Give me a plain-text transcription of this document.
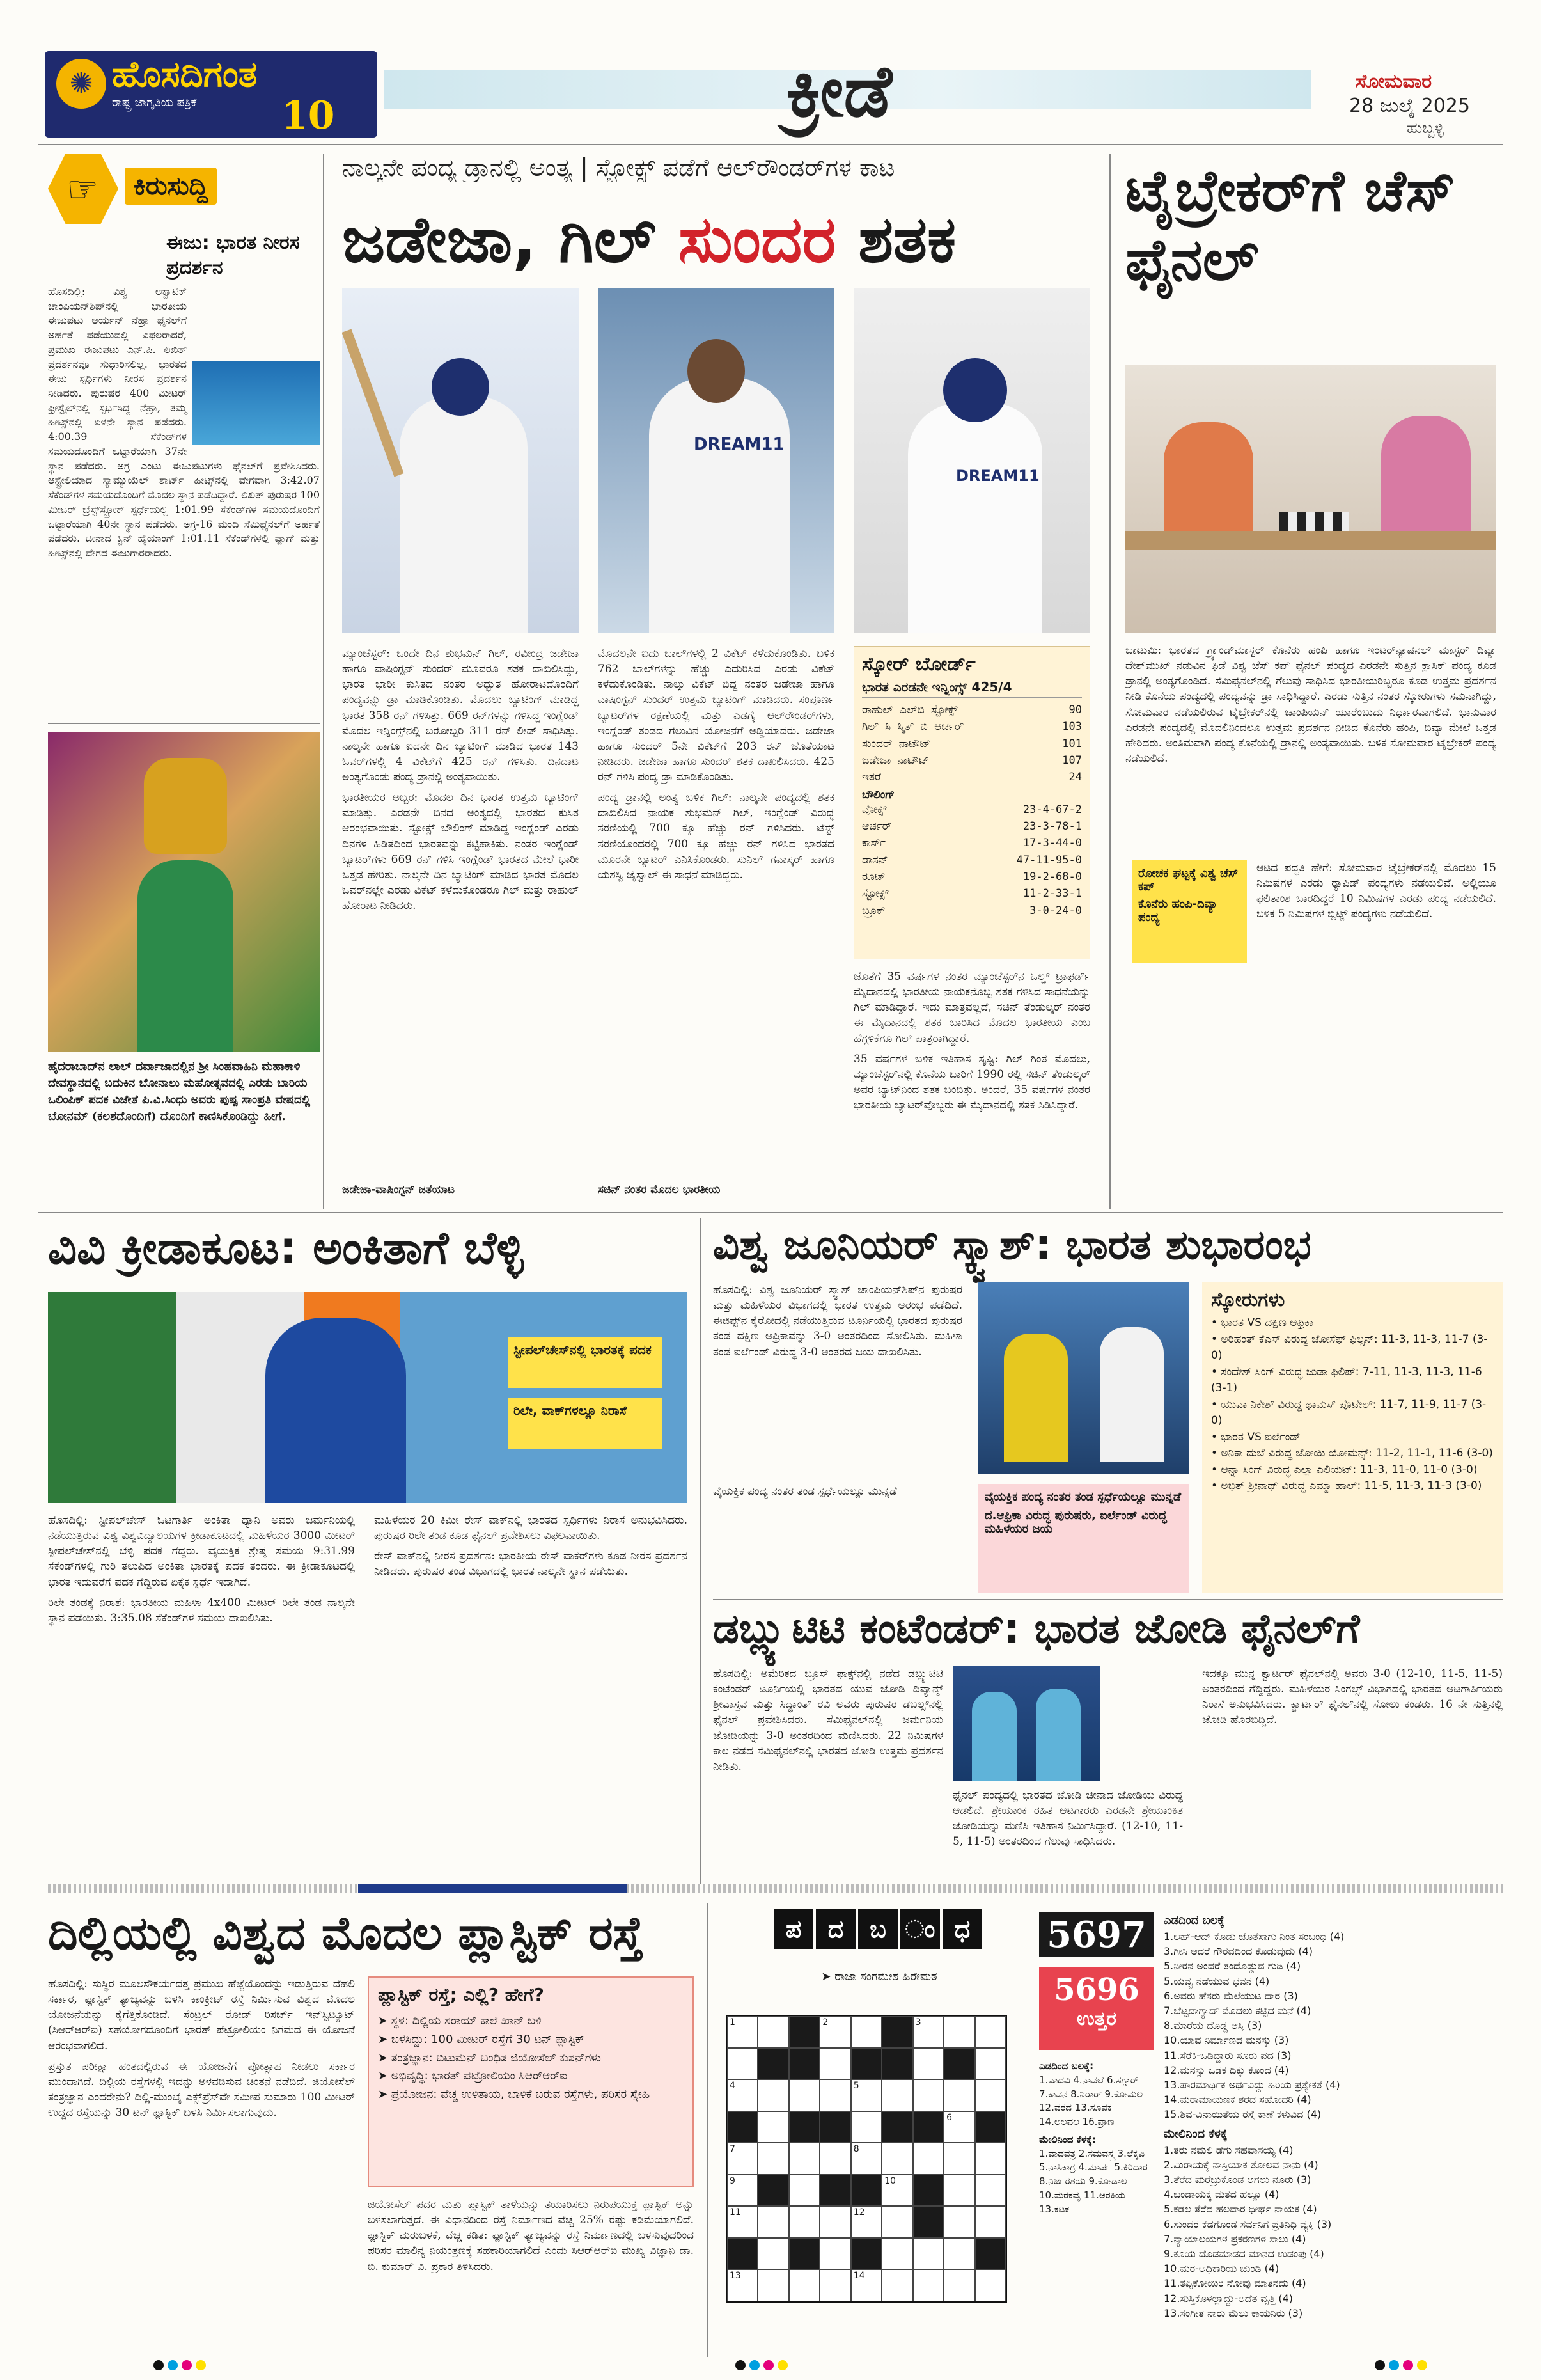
✺ ಹೊಸದಿಗಂತ
ರಾಷ್ಟ್ರ ಜಾಗೃತಿಯ ಪತ್ರಿಕೆ 10	ಕ್ರೀಡೆ	ಸೋಮವಾರ
28 ಜುಲೈ 2025
ಹುಬ್ಬಳ್ಳಿ
☞	ಕಿರುಸುದ್ದಿ
ಈಜು: ಭಾರತ ನೀರಸ ಪ್ರದರ್ಶನ
ಹೊಸದಿಲ್ಲಿ: ವಿಶ್ವ ಅಕ್ವಾಟಿಕ್ ಚಾಂಪಿಯನ್‌ಶಿಪ್‌ನಲ್ಲಿ ಭಾರತೀಯ ಈಜುಪಟು ಆರ್ಯನ್ ನೆಹ್ರಾ ಫೈನಲ್‌ಗೆ ಅರ್ಹತೆ ಪಡೆಯುವಲ್ಲಿ ವಿಫಲರಾದರೆ, ಪ್ರಮುಖ ಈಜುಪಟು ಎನ್.ಪಿ. ಲಿಖಿತ್ ಪ್ರದರ್ಶನವೂ ಸುಧಾರಿಸಲಿಲ್ಲ. ಭಾರತದ ಈಜು ಸ್ಪರ್ಧಿಗಳು ನೀರಸ ಪ್ರದರ್ಶನ ನೀಡಿದರು. ಪುರುಷರ 400 ಮೀಟರ್ ಫ್ರೀಸ್ಟೈಲ್‌ನಲ್ಲಿ ಸ್ಪರ್ಧಿಸಿದ್ದ ನೆಹ್ರಾ, ತಮ್ಮ ಹೀಟ್ಸ್‌ನಲ್ಲಿ ಏಳನೇ ಸ್ಥಾನ ಪಡೆದರು. 4:00.39 ಸೆಕೆಂಡ್‌ಗಳ ಸಮಯದೊಂದಿಗೆ ಒಟ್ಟಾರೆಯಾಗಿ 37ನೇ ಸ್ಥಾನ ಪಡೆದರು. ಅಗ್ರ ಎಂಟು ಈಜುಪಟುಗಳು ಫೈನಲ್‌ಗೆ ಪ್ರವೇಶಿಸಿದರು. ಆಸ್ಟ್ರೇಲಿಯಾದ ಸ್ಯಾಮ್ಯುಯೆಲ್ ಶಾರ್ಟ್ ಹೀಟ್ಸ್‌ನಲ್ಲಿ ವೇಗವಾಗಿ 3:42.07 ಸೆಕೆಂಡ್‌ಗಳ ಸಮಯದೊಂದಿಗೆ ಮೊದಲ ಸ್ಥಾನ ಪಡೆದಿದ್ದಾರೆ. ಲಿಖಿತ್ ಪುರುಷರ 100 ಮೀಟರ್ ಬ್ರೆಸ್ಟ್‌ಸ್ಟ್ರೋಕ್ ಸ್ಪರ್ಧೆಯಲ್ಲಿ 1:01.99 ಸೆಕೆಂಡ್‌ಗಳ ಸಮಯದೊಂದಿಗೆ ಒಟ್ಟಾರೆಯಾಗಿ 40ನೇ ಸ್ಥಾನ ಪಡೆದರು. ಅಗ್ರ-16 ಮಂದಿ ಸೆಮಿಫೈನಲ್‌ಗೆ ಅರ್ಹತೆ ಪಡೆದರು. ಚೀನಾದ ಕ್ವಿನ್ ಹೈಯಾಂಗ್ 1:01.11 ಸೆಕೆಂಡ್‌ಗಳಲ್ಲಿ ಫ್ಲಾಗ್ ಮತ್ತು ಹೀಟ್ಸ್‌ನಲ್ಲಿ ವೇಗದ ಈಜುಗಾರರಾದರು.
ಹೈದರಾಬಾದ್‌ನ ಲಾಲ್ ದರ್ವಾಜಾದಲ್ಲಿನ ಶ್ರೀ ಸಿಂಹವಾಹಿನಿ ಮಹಾಕಾಳಿ ದೇವಸ್ಥಾನದಲ್ಲಿ ಬದುಕಿನ ಬೋನಾಲು ಮಹೋತ್ಸವದಲ್ಲಿ ಎರಡು ಬಾರಿಯ ಒಲಿಂಪಿಕ್ ಪದಕ ವಿಜೇತೆ ಪಿ.ವಿ.ಸಿಂಧು ಅವರು ಪುಷ್ಪ ಸಾಂಪ್ರತಿ ವೇಷದಲ್ಲಿ ಬೋನಮ್ (ಕಲಶದೊಂದಿಗೆ) ದೊಂದಿಗೆ ಕಾಣಿಸಿಕೊಂಡಿದ್ದು ಹೀಗೆ.
ನಾಲ್ಕನೇ ಪಂದ್ಯ ಡ್ರಾನಲ್ಲಿ ಅಂತ್ಯ | ಸ್ಟೋಕ್ಸ್ ಪಡೆಗೆ ಆಲ್‌ರೌಂಡರ್‌ಗಳ ಕಾಟ
ಜಡೇಜಾ, ಗಿಲ್ ಸುಂದರ ಶತಕ
DREAM11
DREAM11

ಮ್ಯಾಂಚೆಸ್ಟರ್: ಒಂದೇ ದಿನ ಶುಭಮನ್ ಗಿಲ್, ರವೀಂದ್ರ ಜಡೇಜಾ ಹಾಗೂ ವಾಷಿಂಗ್ಟನ್ ಸುಂದರ್ ಮೂವರೂ ಶತಕ ದಾಖಲಿಸಿದ್ದು, ಭಾರತ ಭಾರೀ ಕುಸಿತದ ನಂತರ ಅದ್ಭುತ ಹೋರಾಟದೊಂದಿಗೆ ಪಂದ್ಯವನ್ನು ಡ್ರಾ ಮಾಡಿಕೊಂಡಿತು. ಮೊದಲು ಬ್ಯಾಟಿಂಗ್ ಮಾಡಿದ್ದ ಭಾರತ 358 ರನ್ ಗಳಿಸಿತ್ತು. 669 ರನ್‌ಗಳನ್ನು ಗಳಿಸಿದ್ದ ಇಂಗ್ಲೆಂಡ್ ಮೊದಲ ಇನ್ನಿಂಗ್ಸ್‌ನಲ್ಲಿ ಬರೋಬ್ಬರಿ 311 ರನ್ ಲೀಡ್ ಸಾಧಿಸಿತ್ತು. ನಾಲ್ಕನೇ ಹಾಗೂ ಐದನೇ ದಿನ ಬ್ಯಾಟಿಂಗ್ ಮಾಡಿದ ಭಾರತ 143 ಓವರ್‌ಗಳಲ್ಲಿ 4 ವಿಕೆಟ್‌ಗೆ 425 ರನ್ ಗಳಿಸಿತು. ದಿನದಾಟ ಅಂತ್ಯಗೊಂಡು ಪಂದ್ಯ ಡ್ರಾನಲ್ಲಿ ಅಂತ್ಯವಾಯಿತು.

ಭಾರತೀಯರ ಅಬ್ಬರ: ಮೊದಲ ದಿನ ಭಾರತ ಉತ್ತಮ ಬ್ಯಾಟಿಂಗ್ ಮಾಡಿತ್ತು. ಎರಡನೇ ದಿನದ ಅಂತ್ಯದಲ್ಲಿ ಭಾರತದ ಕುಸಿತ ಆರಂಭವಾಯಿತು. ಸ್ಟೋಕ್ಸ್ ಬೌಲಿಂಗ್ ಮಾಡಿದ್ದ ಇಂಗ್ಲೆಂಡ್ ಎರಡು ದಿನಗಳ ಹಿಡಿತದಿಂದ ಭಾರತವನ್ನು ಕಟ್ಟಿಹಾಕಿತು. ನಂತರ ಇಂಗ್ಲೆಂಡ್ ಬ್ಯಾಟರ್‌ಗಳು 669 ರನ್ ಗಳಿಸಿ ಇಂಗ್ಲೆಂಡ್ ಭಾರತದ ಮೇಲೆ ಭಾರೀ ಒತ್ತಡ ಹೇರಿತು. ನಾಲ್ಕನೇ ದಿನ ಬ್ಯಾಟಿಂಗ್ ಮಾಡಿದ ಭಾರತ ಮೊದಲ ಓವರ್‌ನಲ್ಲೇ ಎರಡು ವಿಕೆಟ್ ಕಳೆದುಕೊಂಡರೂ ಗಿಲ್ ಮತ್ತು ರಾಹುಲ್ ಹೋರಾಟ ನೀಡಿದರು.

ಜಡೇಜಾ-ವಾಷಿಂಗ್ಟನ್ ಜತೆಯಾಟ

ಮೊದಲನೇ ಐದು ಬಾಲ್‌ಗಳಲ್ಲಿ 2 ವಿಕೆಟ್ ಕಳೆದುಕೊಂಡಿತು. ಬಳಿಕ 762 ಬಾಲ್‌ಗಳನ್ನು ಹೆಚ್ಚು ಎದುರಿಸಿದ ಎರಡು ವಿಕೆಟ್ ಕಳೆದುಕೊಂಡಿತು. ನಾಲ್ಕು ವಿಕೆಟ್ ಬಿದ್ದ ನಂತರ ಜಡೇಜಾ ಹಾಗೂ ವಾಷಿಂಗ್ಟನ್ ಸುಂದರ್ ಉತ್ತಮ ಬ್ಯಾಟಿಂಗ್ ಮಾಡಿದರು. ಸಂಪೂರ್ಣ ಬ್ಯಾಟರ್‌ಗಳ ರಕ್ಷಣೆಯಲ್ಲಿ ಮತ್ತು ಎಡಗೈ ಆಲ್‌ರೌಂಡರ್‌ಗಳು, ಇಂಗ್ಲೆಂಡ್ ತಂಡದ ಗೆಲುವಿನ ಯೋಜನೆಗೆ ಅಡ್ಡಿಯಾದರು. ಜಡೇಜಾ ಹಾಗೂ ಸುಂದರ್ 5ನೇ ವಿಕೆಟ್‌ಗೆ 203 ರನ್ ಜೊತೆಯಾಟ ನೀಡಿದರು. ಜಡೇಜಾ ಹಾಗೂ ಸುಂದರ್ ಶತಕ ದಾಖಲಿಸಿದರು. 425 ರನ್ ಗಳಿಸಿ ಪಂದ್ಯ ಡ್ರಾ ಮಾಡಿಕೊಂಡಿತು.

ಪಂದ್ಯ ಡ್ರಾನಲ್ಲಿ ಅಂತ್ಯ ಬಳಿಕ ಗಿಲ್: ನಾಲ್ಕನೇ ಪಂದ್ಯದಲ್ಲಿ ಶತಕ ದಾಖಲಿಸಿದ ನಾಯಕ ಶುಭಮನ್ ಗಿಲ್, ಇಂಗ್ಲೆಂಡ್ ವಿರುದ್ಧ ಸರಣಿಯಲ್ಲಿ 700 ಕ್ಕೂ ಹೆಚ್ಚು ರನ್ ಗಳಿಸಿದರು. ಟೆಸ್ಟ್ ಸರಣಿಯೊಂದರಲ್ಲಿ 700 ಕ್ಕೂ ಹೆಚ್ಚು ರನ್ ಗಳಿಸಿದ ಭಾರತದ ಮೂರನೇ ಬ್ಯಾಟರ್ ಎನಿಸಿಕೊಂಡರು. ಸುನಿಲ್ ಗವಾಸ್ಕರ್ ಹಾಗೂ ಯಶಸ್ವಿ ಜೈಸ್ವಾಲ್ ಈ ಸಾಧನೆ ಮಾಡಿದ್ದರು.

ಸಚಿನ್ ನಂತರ ಮೊದಲ ಭಾರತೀಯ
ಸ್ಕೋರ್ ಬೋರ್ಡ್
ಭಾರತ ಎರಡನೇ ಇನ್ನಿಂಗ್ಸ್ 425/4
ರಾಹುಲ್ ಎಲ್‌ಬಿ ಸ್ಟೋಕ್ಸ್	90
ಗಿಲ್ ಸಿ ಸ್ಮಿತ್ ಬಿ ಆರ್ಚರ್	103
ಸುಂದರ್ ನಾಟೌಟ್	101
ಜಡೇಜಾ ನಾಟೌಟ್	107
ಇತರೆ	24
ಬೌಲಿಂಗ್
ವೋಕ್ಸ್	23-4-67-2
ಆರ್ಚರ್	23-3-78-1
ಕಾರ್ಸ್	17-3-44-0
ಡಾಸನ್	47-11-95-0
ರೂಟ್	19-2-68-0
ಸ್ಟೋಕ್ಸ್	11-2-33-1
ಬ್ರೂಕ್	3-0-24-0

ಜೊತೆಗೆ 35 ವರ್ಷಗಳ ನಂತರ ಮ್ಯಾಂಚೆಸ್ಟರ್‌ನ ಓಲ್ಡ್ ಟ್ರಾಫರ್ಡ್ ಮೈದಾನದಲ್ಲಿ ಭಾರತೀಯ ನಾಯಕನೊಬ್ಬ ಶತಕ ಗಳಿಸಿದ ಸಾಧನೆಯನ್ನು ಗಿಲ್ ಮಾಡಿದ್ದಾರೆ. ಇದು ಮಾತ್ರವಲ್ಲದೆ, ಸಚಿನ್ ತೆಂಡುಲ್ಕರ್ ನಂತರ ಈ ಮೈದಾನದಲ್ಲಿ ಶತಕ ಬಾರಿಸಿದ ಮೊದಲ ಭಾರತೀಯ ಎಂಬ ಹೆಗ್ಗಳಿಕೆಗೂ ಗಿಲ್ ಪಾತ್ರರಾಗಿದ್ದಾರೆ.

35 ವರ್ಷಗಳ ಬಳಿಕ ಇತಿಹಾಸ ಸೃಷ್ಟಿ: ಗಿಲ್ ಗಿಂತ ಮೊದಲು, ಮ್ಯಾಂಚೆಸ್ಟರ್‌ನಲ್ಲಿ ಕೊನೆಯ ಬಾರಿಗೆ 1990 ರಲ್ಲಿ ಸಚಿನ್ ತೆಂಡುಲ್ಕರ್ ಅವರ ಬ್ಯಾಟ್‌ನಿಂದ ಶತಕ ಬಂದಿತ್ತು. ಅಂದರೆ, 35 ವರ್ಷಗಳ ನಂತರ ಭಾರತೀಯ ಬ್ಯಾಟರ್‌ವೊಬ್ಬರು ಈ ಮೈದಾನದಲ್ಲಿ ಶತಕ ಸಿಡಿಸಿದ್ದಾರೆ.

ಟೈಬ್ರೇಕರ್‌ಗೆ ಚೆಸ್ ಫೈನಲ್
ಬಾಟುಮಿ: ಭಾರತದ ಗ್ರ್ಯಾಂಡ್‌ಮಾಸ್ಟರ್ ಕೊನೆರು ಹಂಪಿ ಹಾಗೂ ಇಂಟರ್‌ನ್ಯಾಷನಲ್ ಮಾಸ್ಟರ್ ದಿವ್ಯಾ ದೇಶ್‌ಮುಖ್ ನಡುವಿನ ಫಿಡೆ ವಿಶ್ವ ಚೆಸ್ ಕಪ್ ಫೈನಲ್ ಪಂದ್ಯದ ಎರಡನೇ ಸುತ್ತಿನ ಕ್ಲಾಸಿಕ್ ಪಂದ್ಯ ಕೂಡ ಡ್ರಾನಲ್ಲಿ ಅಂತ್ಯಗೊಂಡಿದೆ. ಸೆಮಿಫೈನಲ್‌ನಲ್ಲಿ ಗೆಲುವು ಸಾಧಿಸಿದ ಭಾರತೀಯರಿಬ್ಬರೂ ಕೂಡ ಉತ್ತಮ ಪ್ರದರ್ಶನ ನೀಡಿ ಕೊನೆಯ ಪಂದ್ಯದಲ್ಲಿ ಪಂದ್ಯವನ್ನು ಡ್ರಾ ಸಾಧಿಸಿದ್ದಾರೆ. ಎರಡು ಸುತ್ತಿನ ನಂತರ ಸ್ಕೋರುಗಳು ಸಮನಾಗಿದ್ದು, ಸೋಮವಾರ ನಡೆಯಲಿರುವ ಟೈಬ್ರೇಕರ್‌ನಲ್ಲಿ ಚಾಂಪಿಯನ್ ಯಾರೆಂಬುದು ನಿರ್ಧಾರವಾಗಲಿದೆ. ಭಾನುವಾರ ಎರಡನೇ ಪಂದ್ಯದಲ್ಲಿ ಮೊದಲಿನಿಂದಲೂ ಉತ್ತಮ ಪ್ರದರ್ಶನ ನೀಡಿದ ಕೊನೆರು ಹಂಪಿ, ದಿವ್ಯಾ ಮೇಲೆ ಒತ್ತಡ ಹೇರಿದರು. ಅಂತಿಮವಾಗಿ ಪಂದ್ಯ ಕೊನೆಯಲ್ಲಿ ಡ್ರಾನಲ್ಲಿ ಅಂತ್ಯವಾಯಿತು. ಬಳಿಕ ಸೋಮವಾರ ಟೈಬ್ರೇಕರ್ ಪಂದ್ಯ ನಡೆಯಲಿದೆ.
ರೋಚಕ ಘಟ್ಟಕ್ಕೆ ವಿಶ್ವ ಚೆಸ್ ಕಪ್
ಕೊನೆರು ಹಂಪಿ-ದಿವ್ಯಾ ಪಂದ್ಯ
ಆಟದ ಪದ್ಧತಿ ಹೇಗೆ: ಸೋಮವಾರ ಟೈಬ್ರೇಕರ್‌ನಲ್ಲಿ ಮೊದಲು 15 ನಿಮಿಷಗಳ ಎರಡು ರ‍್ಯಾಪಿಡ್ ಪಂದ್ಯಗಳು ನಡೆಯಲಿವೆ. ಅಲ್ಲಿಯೂ ಫಲಿತಾಂಶ ಬಾರದಿದ್ದರೆ 10 ನಿಮಿಷಗಳ ಎರಡು ಪಂದ್ಯ ನಡೆಯಲಿದೆ. ಬಳಿಕ 5 ನಿಮಿಷಗಳ ಬ್ಲಿಟ್ಜ್ ಪಂದ್ಯಗಳು ನಡೆಯಲಿದೆ.
ವಿವಿ ಕ್ರೀಡಾಕೂಟ: ಅಂಕಿತಾಗೆ ಬೆಳ್ಳಿ
ಸ್ಟೀಪಲ್‌ಚೇಸ್‌ನಲ್ಲಿ ಭಾರತಕ್ಕೆ ಪದಕ
ರಿಲೇ, ವಾಕ್‌ಗಳಲ್ಲೂ ನಿರಾಸೆ

ಹೊಸದಿಲ್ಲಿ: ಸ್ಟೀಪಲ್‌ಚೇಸ್ ಓಟಗಾರ್ತಿ ಅಂಕಿತಾ ಧ್ಯಾನಿ ಅವರು ಜರ್ಮನಿಯಲ್ಲಿ ನಡೆಯುತ್ತಿರುವ ವಿಶ್ವ ವಿಶ್ವವಿದ್ಯಾಲಯಗಳ ಕ್ರೀಡಾಕೂಟದಲ್ಲಿ ಮಹಿಳೆಯರ 3000 ಮೀಟರ್ ಸ್ಟೀಪಲ್‌ಚೇಸ್‌ನಲ್ಲಿ ಬೆಳ್ಳಿ ಪದಕ ಗೆದ್ದರು. ವೈಯಕ್ತಿಕ ಶ್ರೇಷ್ಠ ಸಮಯ 9:31.99 ಸೆಕೆಂಡ್‌ಗಳಲ್ಲಿ ಗುರಿ ತಲುಪಿದ ಅಂಕಿತಾ ಭಾರತಕ್ಕೆ ಪದಕ ತಂದರು. ಈ ಕ್ರೀಡಾಕೂಟದಲ್ಲಿ ಭಾರತ ಇದುವರೆಗೆ ಪದಕ ಗೆದ್ದಿರುವ ಏಕೈಕ ಸ್ಪರ್ಧೆ ಇದಾಗಿದೆ.

ರಿಲೇ ತಂಡಕ್ಕೆ ನಿರಾಶೆ: ಭಾರತೀಯ ಮಹಿಳಾ 4x400 ಮೀಟರ್ ರಿಲೇ ತಂಡ ನಾಲ್ಕನೇ ಸ್ಥಾನ ಪಡೆಯಿತು. 3:35.08 ಸೆಕೆಂಡ್‌ಗಳ ಸಮಯ ದಾಖಲಿಸಿತು.

ಮಹಿಳೆಯರ 20 ಕಿಮೀ ರೇಸ್ ವಾಕ್‌ನಲ್ಲಿ ಭಾರತದ ಸ್ಪರ್ಧಿಗಳು ನಿರಾಸೆ ಅನುಭವಿಸಿದರು. ಪುರುಷರ ರಿಲೇ ತಂಡ ಕೂಡ ಫೈನಲ್ ಪ್ರವೇಶಿಸಲು ವಿಫಲವಾಯಿತು.

ರೇಸ್ ವಾಕ್‌ನಲ್ಲಿ ನೀರಸ ಪ್ರದರ್ಶನ: ಭಾರತೀಯ ರೇಸ್ ವಾಕರ್‌ಗಳು ಕೂಡ ನೀರಸ ಪ್ರದರ್ಶನ ನೀಡಿದರು. ಪುರುಷರ ತಂಡ ವಿಭಾಗದಲ್ಲಿ ಭಾರತ ನಾಲ್ಕನೇ ಸ್ಥಾನ ಪಡೆಯಿತು.

ವಿಶ್ವ ಜೂನಿಯರ್ ಸ್ಕ್ವಾಶ್: ಭಾರತ ಶುಭಾರಂಭ
ಹೊಸದಿಲ್ಲಿ: ವಿಶ್ವ ಜೂನಿಯರ್ ಸ್ಕ್ವಾಶ್ ಚಾಂಪಿಯನ್‌ಶಿಪ್‌ನ ಪುರುಷರ ಮತ್ತು ಮಹಿಳೆಯರ ವಿಭಾಗದಲ್ಲಿ ಭಾರತ ಉತ್ತಮ ಆರಂಭ ಪಡೆದಿದೆ. ಈಜಿಪ್ಟ್‌ನ ಕೈರೋದಲ್ಲಿ ನಡೆಯುತ್ತಿರುವ ಟೂರ್ನಿಯಲ್ಲಿ ಭಾರತದ ಪುರುಷರ ತಂಡ ದಕ್ಷಿಣ ಆಫ್ರಿಕಾವನ್ನು 3-0 ಅಂತರದಿಂದ ಸೋಲಿಸಿತು. ಮಹಿಳಾ ತಂಡ ಐರ್ಲೆಂಡ್ ವಿರುದ್ಧ 3-0 ಅಂತರದ ಜಯ ದಾಖಲಿಸಿತು.
ವೈಯಕ್ತಿಕ ಪಂದ್ಯ ನಂತರ ತಂಡ ಸ್ಪರ್ಧೆಯಲ್ಲೂ ಮುನ್ನಡೆ
ದ.ಆಫ್ರಿಕಾ ವಿರುದ್ಧ ಪುರುಷರು, ಐರ್ಲೆಂಡ್ ವಿರುದ್ಧ ಮಹಿಳೆಯರ ಜಯ
ವೈಯಕ್ತಿಕ ಪಂದ್ಯ ನಂತರ ತಂಡ ಸ್ಪರ್ಧೆಯಲ್ಲೂ ಮುನ್ನಡೆ
ಸ್ಕೋರುಗಳು
• ಭಾರತ VS ದಕ್ಷಿಣ ಆಫ್ರಿಕಾ
• ಅರಿಹಂತ್ ಕೆಎಸ್ ವಿರುದ್ಧ ಜೋಸೆಫ್ ಫಿಲ್ಸನ್: 11-3, 11-3, 11-7 (3-0)
• ಸಂದೇಶ್ ಸಿಂಗ್ ವಿರುದ್ಧ ಜುಡಾ ಫಿಲಿಪ್: 7-11, 11-3, 11-3, 11-6 (3-1)
• ಯುವಾ ನಿಕೇಶ್ ವಿರುದ್ಧ ಥಾಮಸ್ ಪೊಟೇಲ್: 11-7, 11-9, 11-7 (3-0)
• ಭಾರತ VS ಐರ್ಲೆಂಡ್
• ಅನಿಕಾ ದುಬೆ ವಿರುದ್ಧ ಜೋಯಿ ಯೋಮನ್ಸ್: 11-2, 11-1, 11-6 (3-0)
• ಆನ್ನಾ ಸಿಂಗ್ ವಿರುದ್ಧ ಎಲ್ಲಾ ಎಲಿಯಟ್: 11-3, 11-0, 11-0 (3-0)
• ಅಭಿತ್ ಶ್ರೀನಾಥ್ ವಿರುದ್ಧ ಎಮ್ಮಾ ಹಾಲ್: 11-5, 11-3, 11-3 (3-0)
ಡಬ್ಲ್ಯುಟಿಟಿ ಕಂಟೆಂಡರ್: ಭಾರತ ಜೋಡಿ ಫೈನಲ್‌ಗೆ
ಹೊಸದಿಲ್ಲಿ: ಅಮೆರಿಕದ ಬ್ರೂಸ್ ಫಾಕ್ಸ್‌ನಲ್ಲಿ ನಡೆದ ಡಬ್ಲ್ಯುಟಿಟಿ ಕಂಟೆಂಡರ್ ಟೂರ್ನಿಯಲ್ಲಿ ಭಾರತದ ಯುವ ಜೋಡಿ ದಿವ್ಯಾನ್ಶ್ ಶ್ರೀವಾಸ್ತವ ಮತ್ತು ಸಿದ್ಧಾಂತ್ ರವಿ ಅವರು ಪುರುಷರ ಡಬಲ್ಸ್‌ನಲ್ಲಿ ಫೈನಲ್ ಪ್ರವೇಶಿಸಿದರು. ಸೆಮಿಫೈನಲ್‌ನಲ್ಲಿ ಜರ್ಮನಿಯ ಜೋಡಿಯನ್ನು 3-0 ಅಂತರದಿಂದ ಮಣಿಸಿದರು. 22 ನಿಮಿಷಗಳ ಕಾಲ ನಡೆದ ಸೆಮಿಫೈನಲ್‌ನಲ್ಲಿ ಭಾರತದ ಜೋಡಿ ಉತ್ತಮ ಪ್ರದರ್ಶನ ನೀಡಿತು.
ಫೈನಲ್ ಪಂದ್ಯದಲ್ಲಿ ಭಾರತದ ಜೋಡಿ ಚೀನಾದ ಜೋಡಿಯ ವಿರುದ್ಧ ಆಡಲಿದೆ. ಶ್ರೇಯಾಂಕ ರಹಿತ ಆಟಗಾರರು ಎರಡನೇ ಶ್ರೇಯಾಂಕಿತ ಜೋಡಿಯನ್ನು ಮಣಿಸಿ ಇತಿಹಾಸ ನಿರ್ಮಿಸಿದ್ದಾರೆ. (12-10, 11-5, 11-5) ಅಂತರದಿಂದ ಗೆಲುವು ಸಾಧಿಸಿದರು.
ಇದಕ್ಕೂ ಮುನ್ನ ಕ್ವಾರ್ಟರ್ ಫೈನಲ್‌ನಲ್ಲಿ ಅವರು 3-0 (12-10, 11-5, 11-5) ಅಂತರದಿಂದ ಗೆದ್ದಿದ್ದರು. ಮಹಿಳೆಯರ ಸಿಂಗಲ್ಸ್ ವಿಭಾಗದಲ್ಲಿ ಭಾರತದ ಆಟಗಾರ್ತಿಯರು ನಿರಾಸೆ ಅನುಭವಿಸಿದರು. ಕ್ವಾರ್ಟರ್ ಫೈನಲ್‌ನಲ್ಲಿ ಸೋಲು ಕಂಡರು. 16 ನೇ ಸುತ್ತಿನಲ್ಲಿ ಜೋಡಿ ಹೊರಬಿದ್ದಿದೆ.
ದಿಲ್ಲಿಯಲ್ಲಿ ವಿಶ್ವದ ಮೊದಲ ಪ್ಲಾಸ್ಟಿಕ್ ರಸ್ತೆ

ಹೊಸದಿಲ್ಲಿ: ಸುಸ್ಥಿರ ಮೂಲಸೌಕರ್ಯದತ್ತ ಪ್ರಮುಖ ಹೆಜ್ಜೆಯೊಂದನ್ನು ಇಡುತ್ತಿರುವ ದೆಹಲಿ ಸರ್ಕಾರ, ಪ್ಲಾಸ್ಟಿಕ್ ತ್ಯಾಜ್ಯವನ್ನು ಬಳಸಿ ಕಾಂಕ್ರೀಟ್ ರಸ್ತೆ ನಿರ್ಮಿಸುವ ವಿಶ್ವದ ಮೊದಲ ಯೋಜನೆಯನ್ನು ಕೈಗೆತ್ತಿಕೊಂಡಿದೆ. ಸೆಂಟ್ರಲ್ ರೋಡ್ ರಿಸರ್ಚ್ ಇನ್‌ಸ್ಟಿಟ್ಯೂಟ್ (ಸಿಆರ್‌ಆರ್‌ಐ) ಸಹಯೋಗದೊಂದಿಗೆ ಭಾರತ್ ಪೆಟ್ರೋಲಿಯಂ ನಿಗಮದ ಈ ಯೋಜನೆ ಆರಂಭವಾಗಲಿದೆ.

ಪ್ರಸ್ತುತ ಪರೀಕ್ಷಾ ಹಂತದಲ್ಲಿರುವ ಈ ಯೋಜನೆಗೆ ಪ್ರೋತ್ಸಾಹ ನೀಡಲು ಸರ್ಕಾರ ಮುಂದಾಗಿದೆ. ದಿಲ್ಲಿಯ ರಸ್ತೆಗಳಲ್ಲಿ ಇದನ್ನು ಅಳವಡಿಸುವ ಚಿಂತನೆ ನಡೆದಿದೆ. ಜಿಯೋಸೆಲ್ ತಂತ್ರಜ್ಞಾನ ಎಂದರೇನು? ದಿಲ್ಲಿ-ಮುಂಬೈ ಎಕ್ಸ್‌ಪ್ರೆಸ್‌ವೇ ಸಮೀಪ ಸುಮಾರು 100 ಮೀಟರ್ ಉದ್ದದ ರಸ್ತೆಯನ್ನು 30 ಟನ್ ಪ್ಲಾಸ್ಟಿಕ್ ಬಳಸಿ ನಿರ್ಮಿಸಲಾಗುವುದು.

ಪ್ಲಾಸ್ಟಿಕ್ ರಸ್ತೆ; ಎಲ್ಲಿ? ಹೇಗೆ?
➤ ಸ್ಥಳ: ದಿಲ್ಲಿಯ ಸರಾಯ್ ಕಾಲೆ ಖಾನ್ ಬಳಿ
➤ ಬಳಸಿದ್ದು: 100 ಮೀಟರ್ ರಸ್ತೆಗೆ 30 ಟನ್ ಪ್ಲಾಸ್ಟಿಕ್
➤ ತಂತ್ರಜ್ಞಾನ: ಬಿಟುಮೆನ್ ಬಂಧಿತ ಜಿಯೋಸೆಲ್ ಕುಶನ್‌ಗಳು
➤ ಅಭಿವೃದ್ಧಿ: ಭಾರತ್ ಪೆಟ್ರೋಲಿಯಂ ಸಿಆರ್‌ಆರ್‌ಐ
➤ ಪ್ರಯೋಜನ: ವೆಚ್ಚ ಉಳಿತಾಯ, ಬಾಳಿಕೆ ಬರುವ ರಸ್ತೆಗಳು, ಪರಿಸರ ಸ್ನೇಹಿ
ಜಿಯೋಸೆಲ್ ಪದರ ಮತ್ತು ಪ್ಲಾಸ್ಟಿಕ್ ತಾಳೆಯನ್ನು ತಯಾರಿಸಲು ನಿರುಪಯುಕ್ತ ಪ್ಲಾಸ್ಟಿಕ್ ಅನ್ನು ಬಳಸಲಾಗುತ್ತದೆ. ಈ ವಿಧಾನದಿಂದ ರಸ್ತೆ ನಿರ್ಮಾಣದ ವೆಚ್ಚ 25% ರಷ್ಟು ಕಡಿಮೆಯಾಗಲಿದೆ. ಪ್ಲಾಸ್ಟಿಕ್ ಮರುಬಳಕೆ, ವೆಚ್ಚ ಕಡಿತ: ಪ್ಲಾಸ್ಟಿಕ್ ತ್ಯಾಜ್ಯವನ್ನು ರಸ್ತೆ ನಿರ್ಮಾಣದಲ್ಲಿ ಬಳಸುವುದರಿಂದ ಪರಿಸರ ಮಾಲಿನ್ಯ ನಿಯಂತ್ರಣಕ್ಕೆ ಸಹಕಾರಿಯಾಗಲಿದೆ ಎಂದು ಸಿಆರ್‌ಆರ್‌ಐ ಮುಖ್ಯ ವಿಜ್ಞಾನಿ ಡಾ. ಬಿ. ಕುಮಾರ್ ವಿ. ಪ್ರಕಾರ ತಿಳಿಸಿದರು.
ಪ	ದ	ಬ ಂ ಧ
➤ ರಾಜಾ ಸಂಗಮೇಶ ಹಿರೇಮಠ
1	2	3
4	5
6
7	8
9	10
11	12
13	14
5697
5696
ಉತ್ತರ
ಎಡದಿಂದ ಬಲಕ್ಕೆ:
1.ವಾದವಿ 4.ನಾವಲೆ 6.ಸಗ್ಗಾರ್ 7.ಕಾವನ 8.ನಿರಾರ್ 9.ಕೋಮಲ 12.ವರದ 13.ಸೂಪಕ 14.ಅಲಪಲ 16.ಪ್ರಾಣ
ಮೇಲಿನಿಂದ ಕೆಳಕ್ಕೆ:
1.ವಾದಪತ್ರ 2.ಸಮವಸ್ತ್ರ 3.ಲೆಕ್ಕವಿ 5.ನಾಸಿಕಾಗ್ರ 4.ಮಾರ್ಪ 5.ಕಿರಿದಾರ 8.ನಿರ್ಜರಶಯ 9.ಕೋಡಾಲ 10.ಮರಕವೃ 11.ಆರಕಿಯ 13.ಕಟಕ
ಎಡದಿಂದ ಬಲಕ್ಕೆ
1.ಅಹ್-ಆದ್ ಕೊಡು ಜೊತೆಸಾಗು ನಿಂತ ಸಂಬಂಧ (4)
3.ಗೀಸಿ ಆದರೆ ಗೌರವದಿಂದ ಕೊಡುವುದು (4)
5.ನೀರನ ಅಂದರೆ ತಂದೊಡ್ಡುವ ಗುಡಿ (4)
5.ಯವ್ವ ನಡೆಯುವ ಭವನ (4)
6.ಅವರು ಹೆಸರು ಮೆಲೆಯುಟ ದಾರ (3)
7.ಬೆಟ್ಟದಾಗ್ಯಾದ್ ಮೊದಲು ಕಟ್ಟಿದ ಮನೆ (4)
8.ಮಾರೆಯ ದೊಡ್ಡ ಆಸ್ತಿ (3)
10.ಯಾವ ನಿರ್ಮಾಣದ ಮನಸ್ಸು (3)
11.ಸೆರೆಕಿ-ಒಡಿದ್ದಾರು ಸೂರು ಪದ (3)
12.ಮನಸ್ಸು ಒಡಕ ದಿಕ್ಕು ಕೊಂದ (4)
13.ಪಾರಮಾರ್ಥಿಕ ಅರ್ಥವಿದ್ದು ಹಿರಿಯ ಪ್ರತ್ಯೇಕತೆ (4)
14.ಮರಾಮಾಯಣಕ ಶರದ ಸಹೋದರಿ (4)
15.ಶಿವ-ವಿನಾಯಿತೆಯ ರಸ್ತೆ ಕಾಣೆ ಕಳುವಿದ (4)
ಮೇಲಿನಿಂದ ಕೆಳಕ್ಕೆ
1.ತರು ನಮಲಿ ಡೆಗು ಸಹವಾಸಯ್ಯ (4)
2.ಮಿರಾಯಕ್ಕೆ ನಾಸ್ತಿಯಾಕ ತೋಲವ ನಾನು (4)
3.ತೆರೆದ ಮರೆಬ್ರುಕೊಂಡ ಅಗಲು ನೂರು (3)
4.ಬಂಡಾಯಕ್ಕ ಮತದ ಹಲ್ಲೂ (4)
5.ಕಡಲ ತೆರೆದ ಹಲವಾರ ಧೀರ್ಘ ನಾಯಕ (4)
6.ಸುಂದರ ಕೆಡಗೊಂಡ ಸರ್ವನಿಗ ಪ್ರತಿನಿಧಿ ವ್ಯಕ್ತಿ (3)
7.ನ್ಯಾಯಾಲಯಗಳ ಪ್ರಕರಣಗಳ ಸಾಲು (4)
9.ಕೂಯ ದೊಡಮಾಡದ ಮಾನದ ಉಡಂಪು (4)
10.ಮರ-ಅಧಿಕಾರಿಯ ಚುಂಡಿ (4)
11.ತಪ್ಪಿಕೋಯಿರಿ ನೋವು ಮಾತಿನದು (4)
12.ಸುಸ್ತಿಕೊಳಲ್ಲಾದ್ದು-ಅದೆತ ವೃತ್ತಿ (4)
13.ಸಂಗೀತ ನಾರು ಮೆಲು ಕಾಯನಿರು (3)
